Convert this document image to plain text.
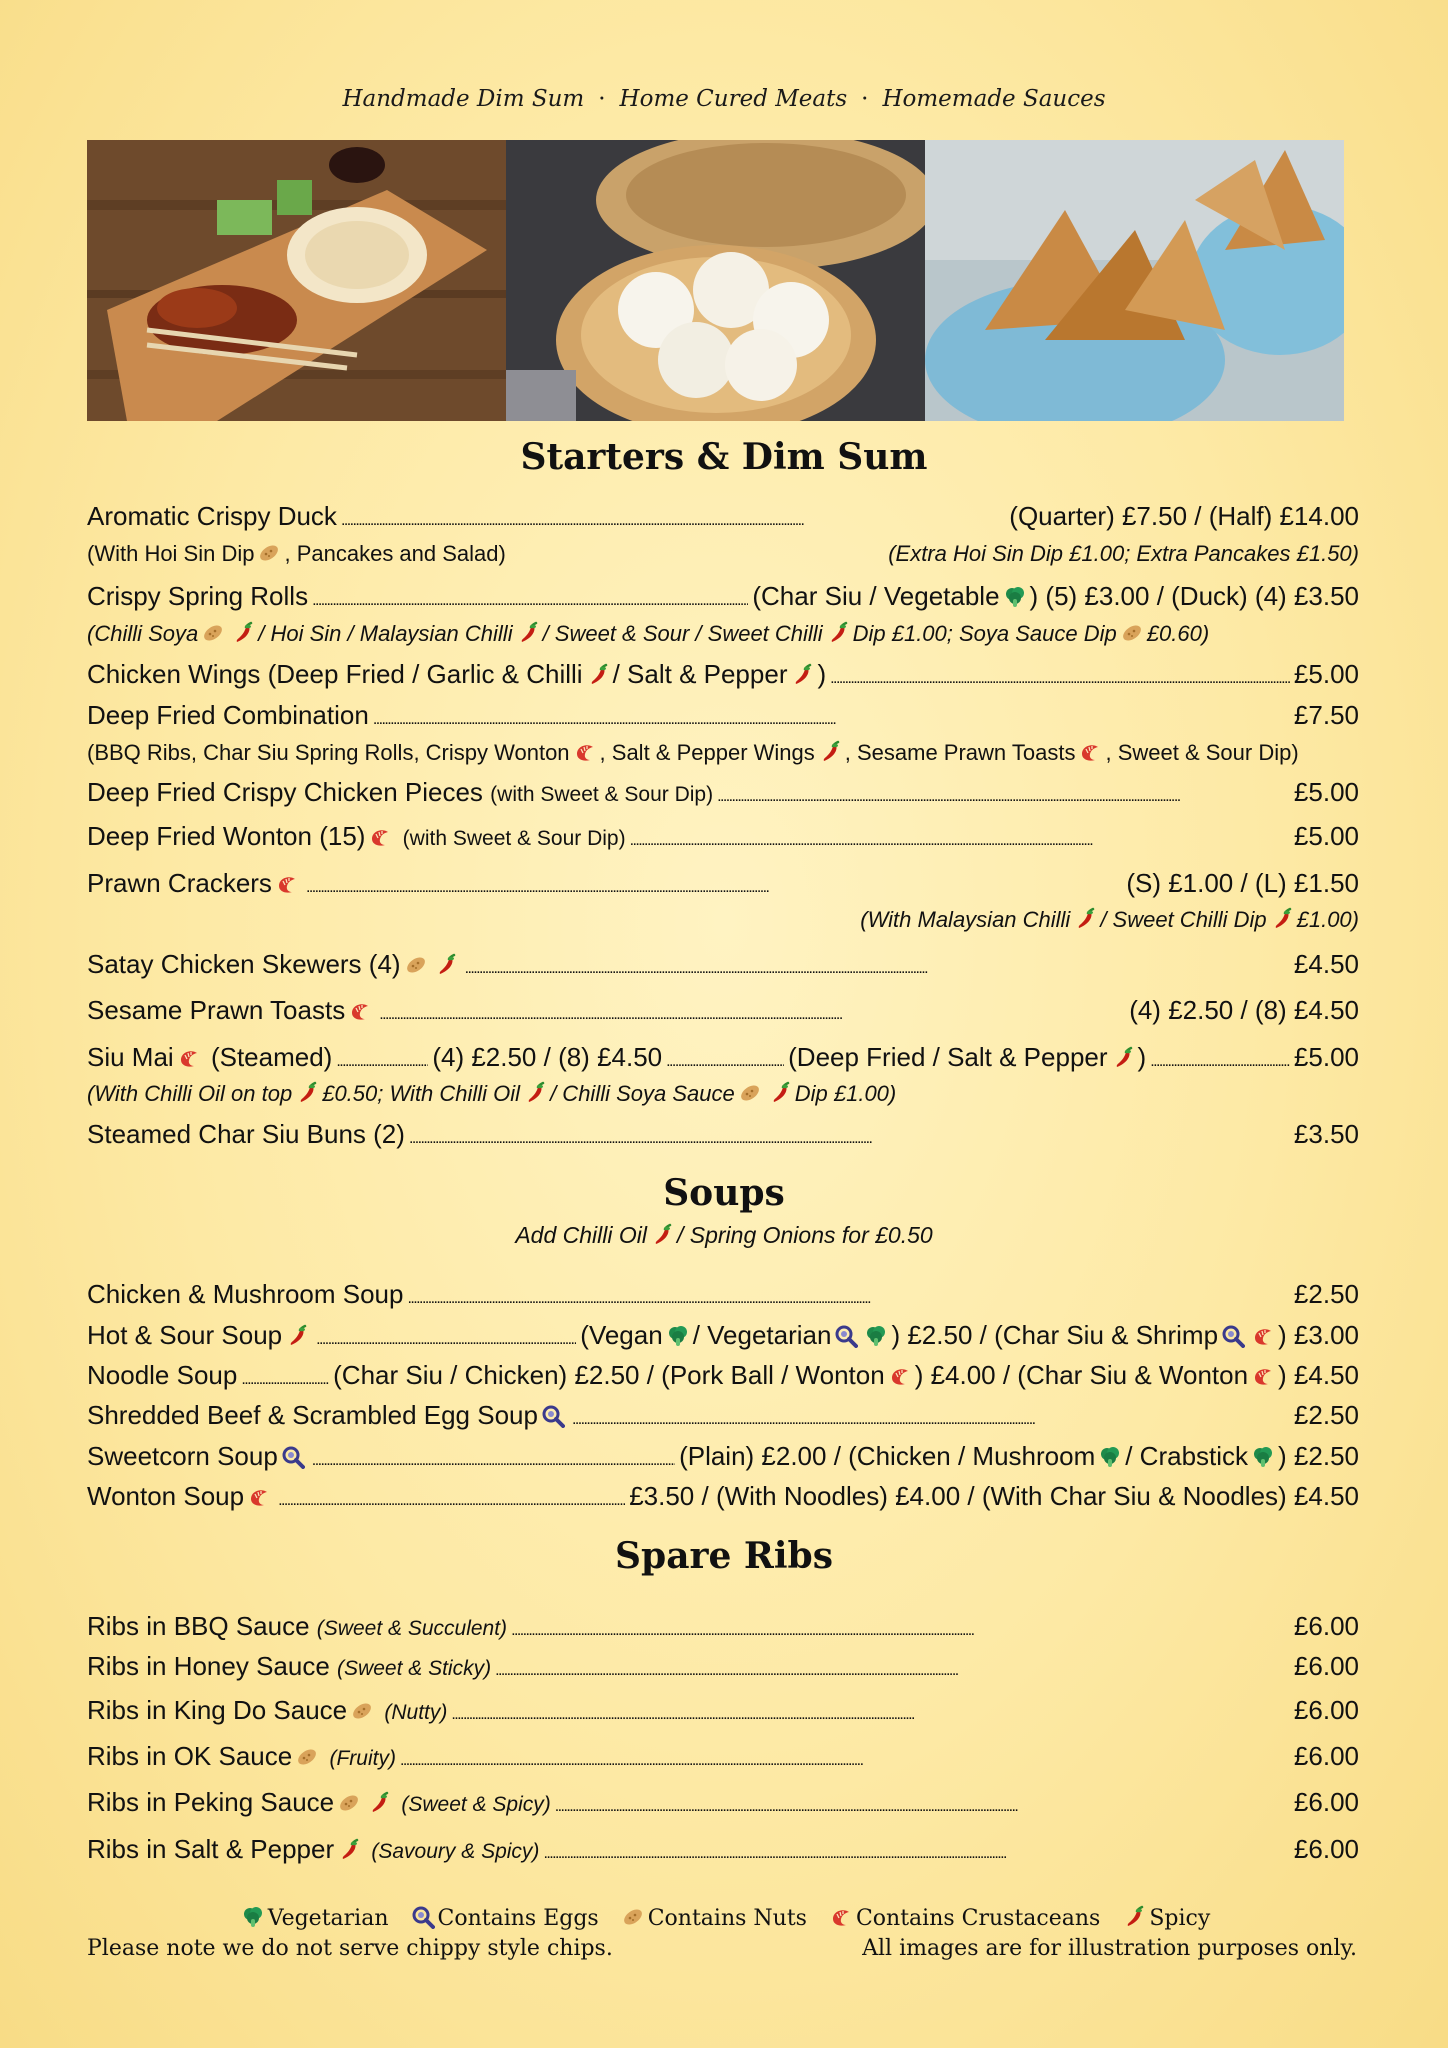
Handmade Dim Sum · Home Cured Meats · Homemade Sauces
Starters & Dim Sum
Aromatic Crispy Duck . . .	(Quarter) £7.50 / (Half) £14.00
(With Hoi Sin Dip , Pancakes and Salad)	(Extra Hoi Sin Dip £1.00; Extra Pancakes £1.50)
Crispy Spring Rolls . . .	(Char Siu / Vegetable ) (5) £3.00 / (Duck) (4) £3.50
(Chilli Soya	/ Hoi Sin / Malaysian Chilli / Sweet & Sour / Sweet Chilli Dip £1.00; Soya Sauce Dip £0.60)
Chicken Wings (Deep Fried / Garlic & Chilli / Salt & Pepper ) . . .	£5.00
Deep Fried Combination . . .	£7.50
(BBQ Ribs, Char Siu Spring Rolls, Crispy Wonton , Salt & Pepper Wings , Sesame Prawn Toasts , Sweet & Sour Dip)
Deep Fried Crispy Chicken Pieces (with Sweet & Sour Dip) . . .	£5.00
Deep Fried Wonton (15) (with Sweet & Sour Dip) . . .	£5.00
Prawn Crackers . . .	(S) £1.00 / (L) £1.50
(With Malaysian Chilli / Sweet Chilli Dip £1.00)
Satay Chicken Skewers (4) . . .	£4.50
Sesame Prawn Toasts . . .	(4) £2.50 / (8) £4.50
Siu Mai (Steamed) . . .	(4) £2.50 / (8) £4.50 . . .	(Deep Fried / Salt & Pepper ) . . .	£5.00
(With Chilli Oil on top £0.50; With Chilli Oil / Chilli Soya Sauce	Dip £1.00)
Steamed Char Siu Buns (2) . . .	£3.50
Soups
Add Chilli Oil / Spring Onions for £0.50
Chicken & Mushroom Soup . . .	£2.50
Hot & Sour Soup . . .	(Vegan / Vegetarian ) £2.50 / (Char Siu & Shrimp ) £3.00
Noodle Soup . . .	(Char Siu / Chicken) £2.50 / (Pork Ball / Wonton ) £4.00 / (Char Siu & Wonton ) £4.50
Shredded Beef & Scrambled Egg Soup . . .	£2.50
Sweetcorn Soup . . .	(Plain) £2.00 / (Chicken / Mushroom / Crabstick ) £2.50
Wonton Soup . . .	£3.50 / (With Noodles) £4.00 / (With Char Siu & Noodles) £4.50
Spare Ribs
Ribs in BBQ Sauce (Sweet & Succulent) . . .	£6.00
Ribs in Honey Sauce (Sweet & Sticky) . . .	£6.00
Ribs in King Do Sauce (Nutty) . . .	£6.00
Ribs in OK Sauce (Fruity) . . .	£6.00
Ribs in Peking Sauce	(Sweet & Spicy) . . .	£6.00
Ribs in Salt & Pepper (Savoury & Spicy) . . .	£6.00
Vegetarian Contains Eggs Contains Nuts Contains Crustaceans Spicy
Please note we do not serve chippy style chips.	All images are for illustration purposes only.
